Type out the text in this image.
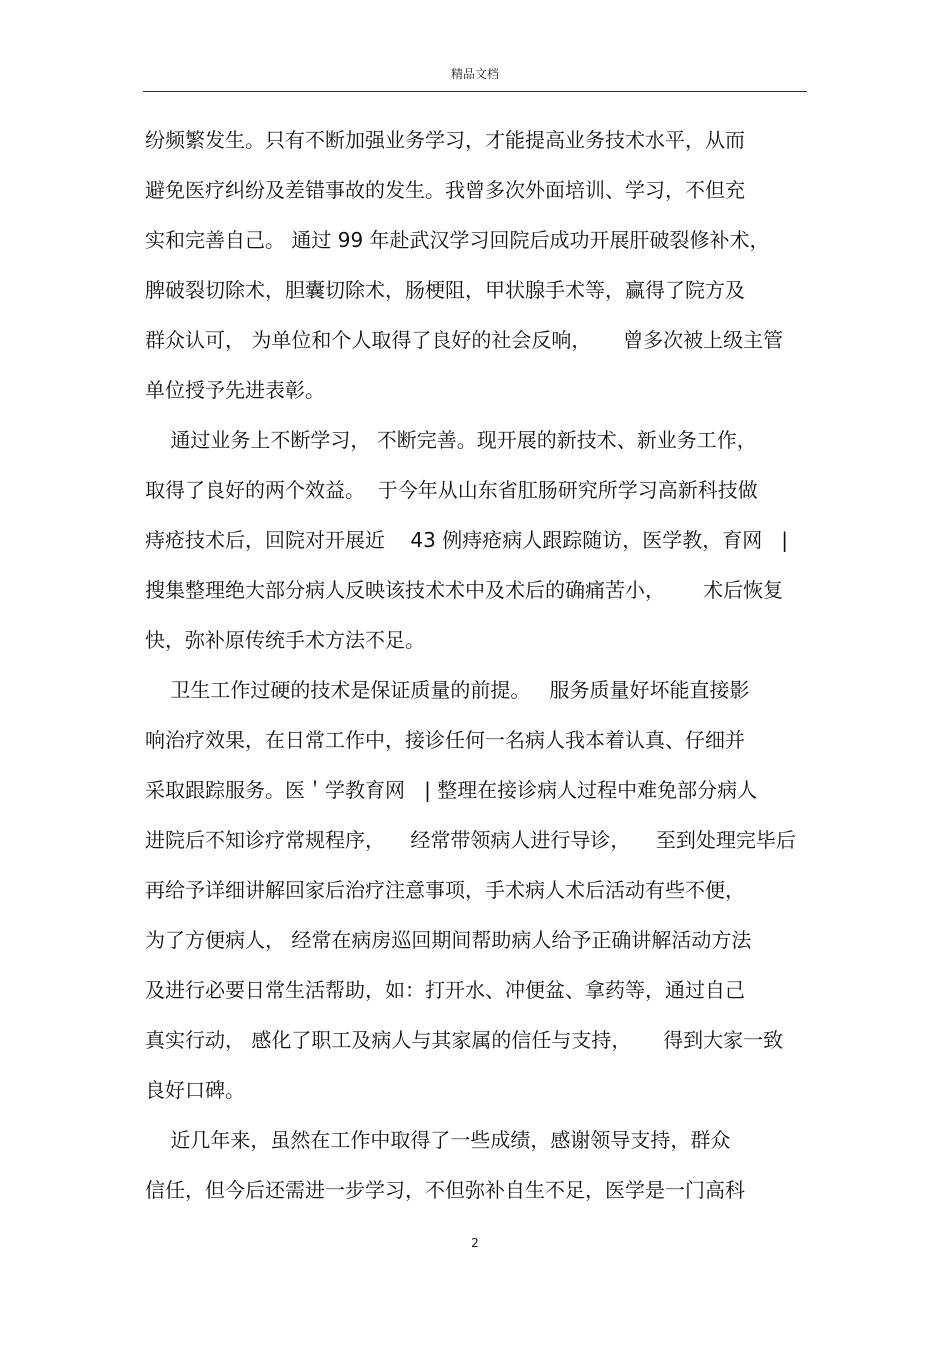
精品文档
纷频繁发生。只有不断加强业务学习，才能提高业务技术水平，从而
避免医疗纠纷及差错事故的发生。我曾多次外面培训、学习，不但充
实和完善自己。 通过 99 年赴武汉学习回院后成功开展肝破裂修补术，
脾破裂切除术，胆囊切除术，肠梗阻，甲状腺手术等，赢得了院方及
群众认可， 为单位和个人取得了良好的社会反响，     曾多次被上级主管
单位授予先进表彰。
通过业务上不断学习， 不断完善。现开展的新技术、新业务工作，
取得了良好的两个效益。  于今年从山东省肛肠研究所学习高新科技做
痔疮技术后，回院对开展近    43 例痔疮病人跟踪随访，医学教，育网   |
搜集整理绝大部分病人反映该技术术中及术后的确痛苦小，      术后恢复
快，弥补原传统手术方法不足。
卫生工作过硬的技术是保证质量的前提。   服务质量好坏能直接影
响治疗效果，在日常工作中，接诊任何一名病人我本着认真、仔细并
采取跟踪服务。医＇学教育网   | 整理在接诊病人过程中难免部分病人
进院后不知诊疗常规程序，    经常带领病人进行导诊，    至到处理完毕后
再给予详细讲解回家后治疗注意事项，手术病人术后活动有些不便，
为了方便病人， 经常在病房巡回期间帮助病人给予正确讲解活动方法
及进行必要日常生活帮助，如：打开水、冲便盆、拿药等，通过自己
真实行动， 感化了职工及病人与其家属的信任与支持，     得到大家一致
良好口碑。
近几年来，虽然在工作中取得了一些成绩，感谢领导支持，群众
信任，但今后还需进一步学习，不但弥补自生不足，医学是一门高科
2
